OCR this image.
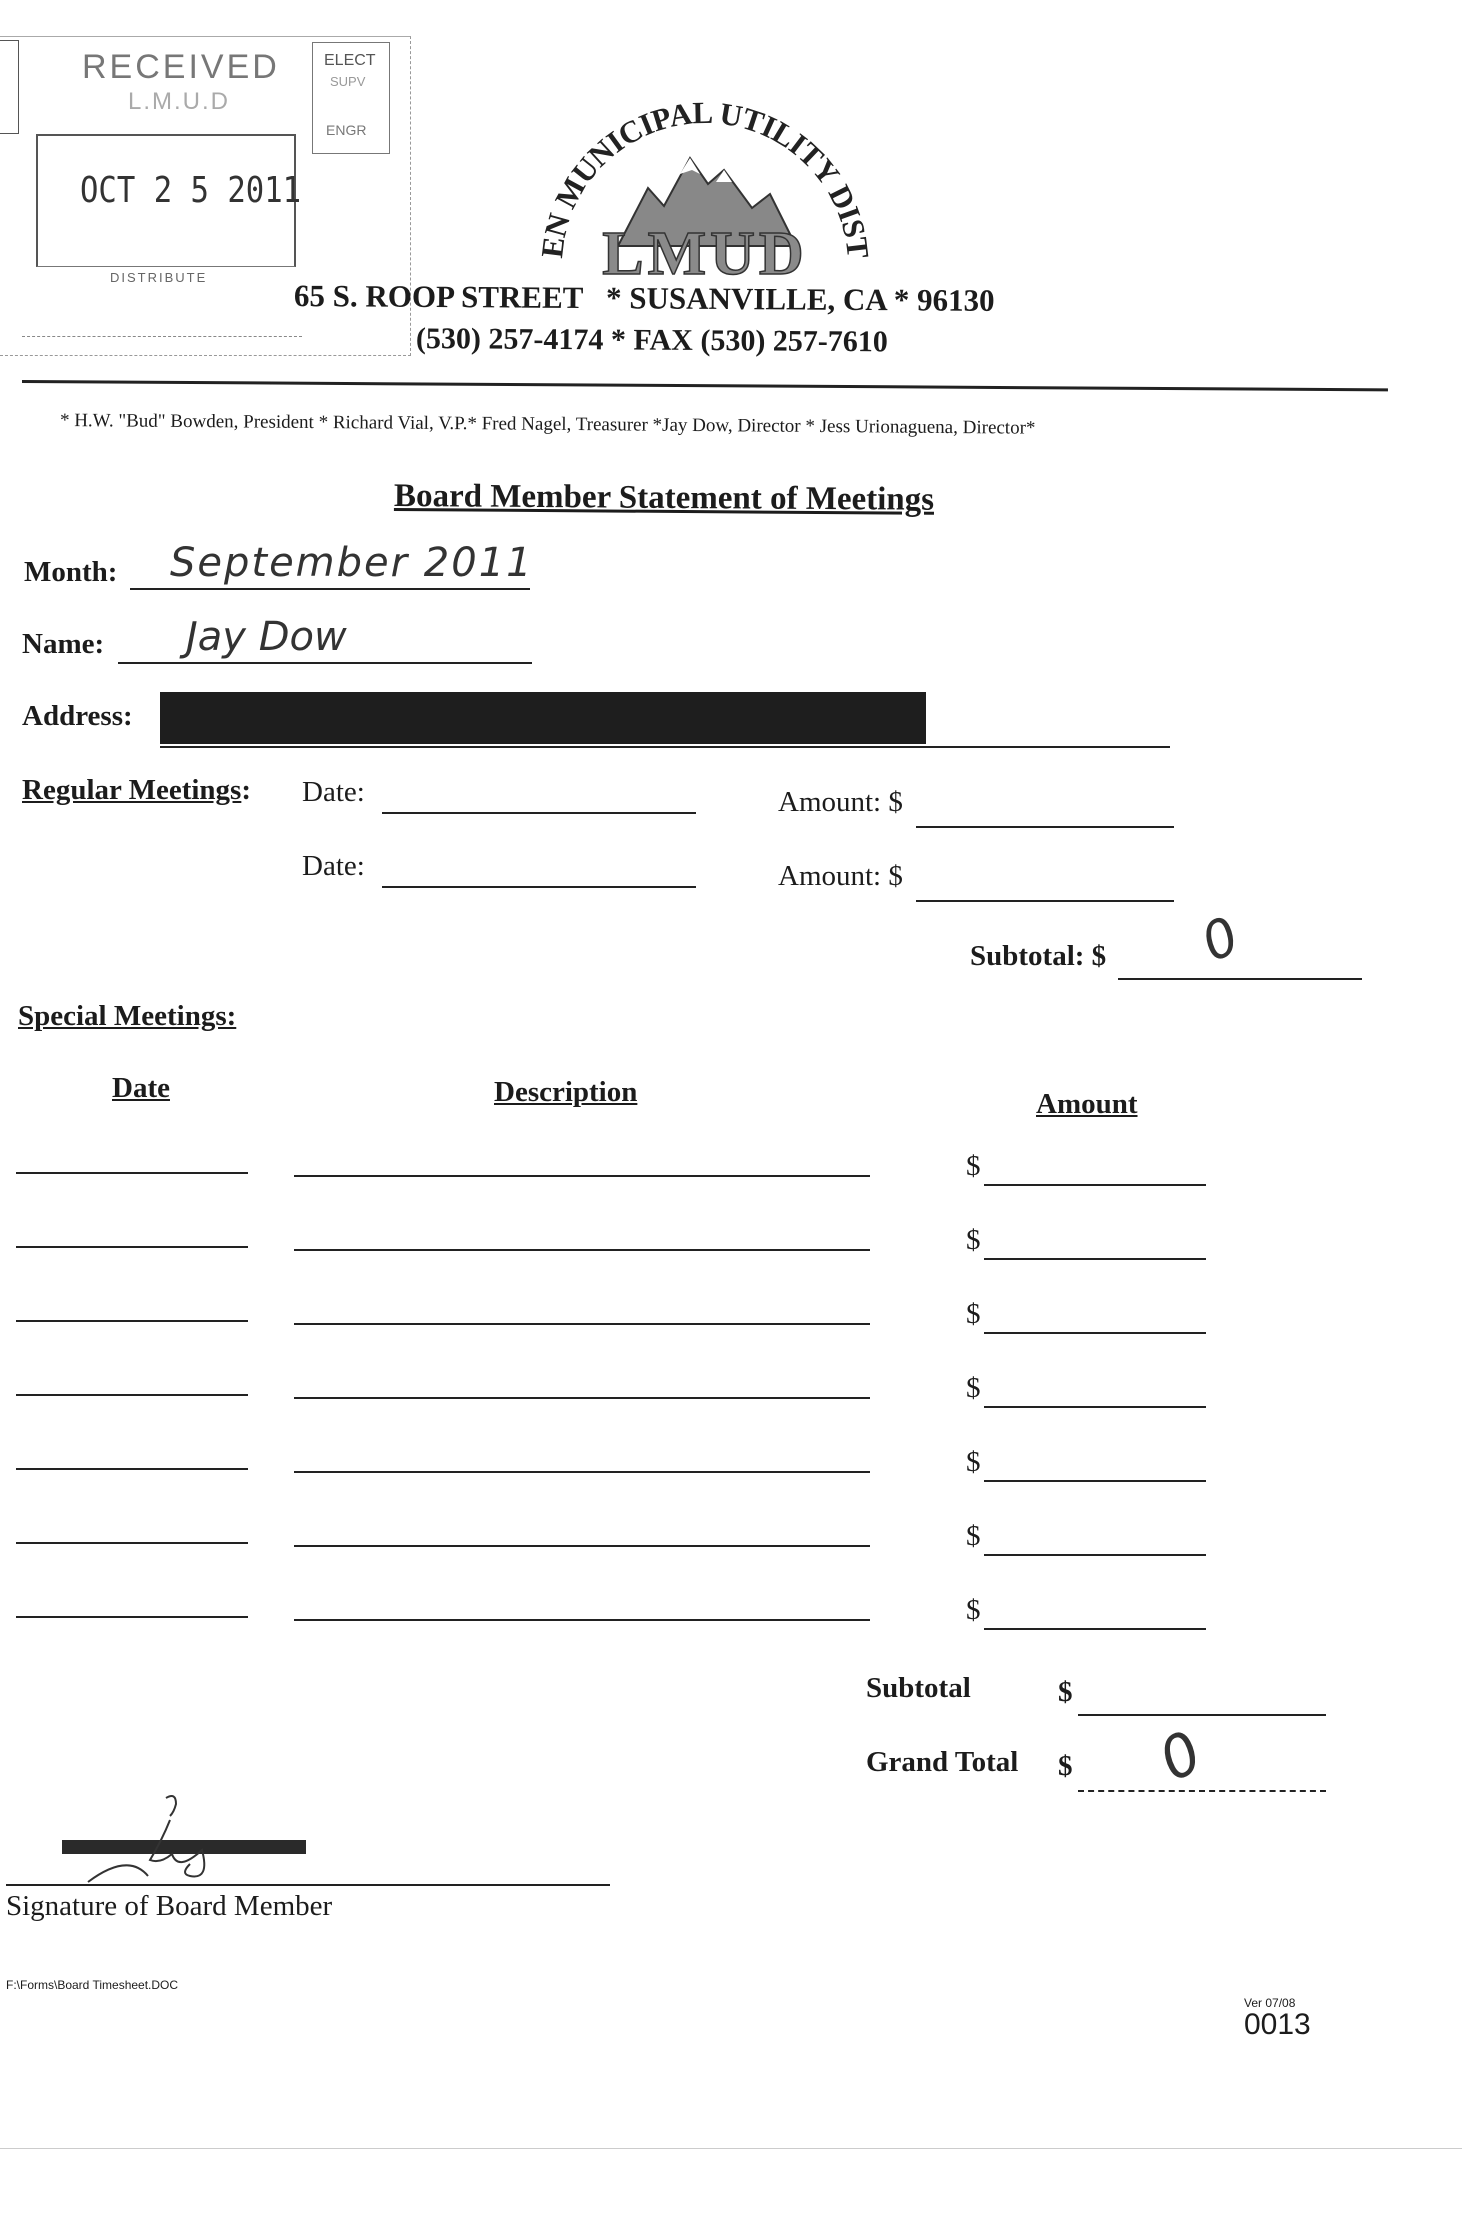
RECEIVED
L.M.U.D
OCT 2 5 2011
DISTRIBUTE
ELECT
SUPV
ENGR
N MUNICIPAL UTILITY DIS
LMUD
65 S. ROOP STREET   * SUSANVILLE, CA * 96130
(530) 257-4174 * FAX (530) 257-7610
* H.W. "Bud" Bowden, President * Richard Vial, V.P.* Fred Nagel, Treasurer *Jay Dow, Director * Jess Urionaguena, Director*
Board Member Statement of Meetings
Month: September 2011
Name: Jay Dow
Address:
Regular Meetings: Date:	Amount: $
Date:	Amount: $
Subtotal: $ 0
Special Meetings:
Date	Description	Amount
$
$
$
$
$
$
$
Subtotal	$
Grand Total $ 0
Signature of Board Member
F:\Forms\Board Timesheet.DOC
Ver 07/08
0013
